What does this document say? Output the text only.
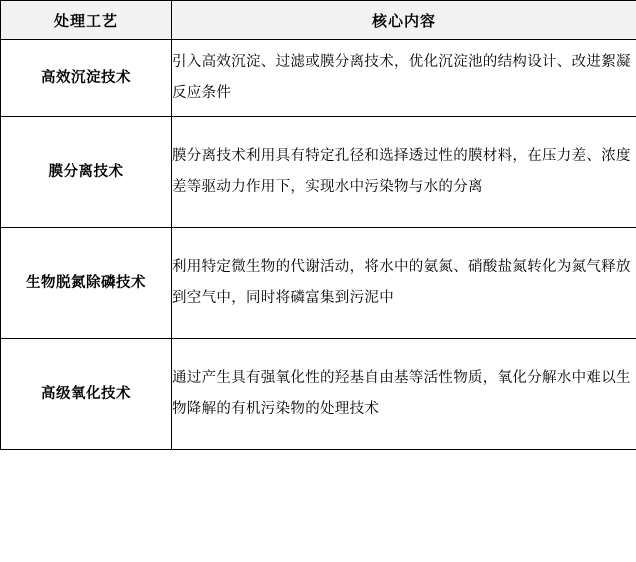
处理工艺	核心内容
高效沉淀技术	引入高效沉淀、过滤或膜分离技术，优化沉淀池的结构设计、改进絮凝反应条件
膜分离技术	膜分离技术利用具有特定孔径和选择透过性的膜材料，在压力差、浓度差等驱动力作用下，实现水中污染物与水的分离
生物脱氮除磷技术	利用特定微生物的代谢活动，将水中的氨氮、硝酸盐氮转化为氮气释放到空气中，同时将磷富集到污泥中
高级氧化技术	通过产生具有强氧化性的羟基自由基等活性物质，氧化分解水中难以生物降解的有机污染物的处理技术
